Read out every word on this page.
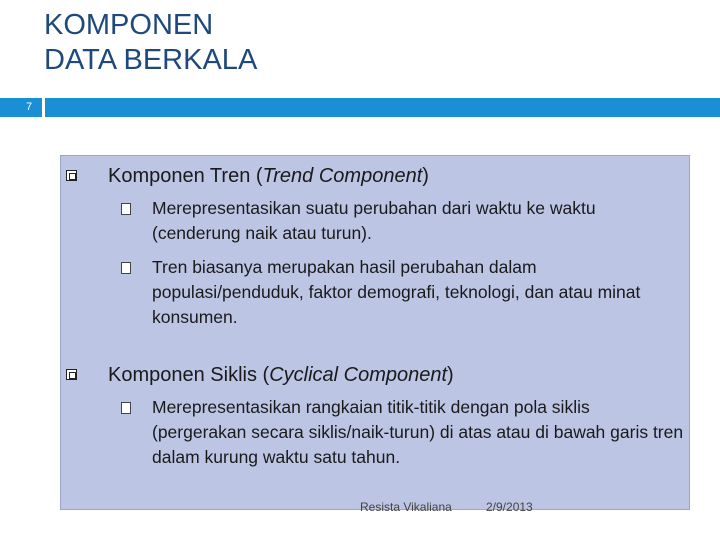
KOMPONEN
DATA BERKALA
7
Komponen Tren (Trend Component)
Merepresentasikan suatu perubahan dari waktu ke waktu (cenderung naik atau turun).
Tren biasanya merupakan hasil perubahan dalam populasi/penduduk, faktor demografi, teknologi, dan atau minat konsumen.
Komponen Siklis (Cyclical Component)
Merepresentasikan rangkaian titik-titik dengan pola siklis (pergerakan secara siklis/naik-turun) di atas atau di bawah garis tren dalam kurung waktu satu tahun.
Resista Vikaliana	2/9/2013
